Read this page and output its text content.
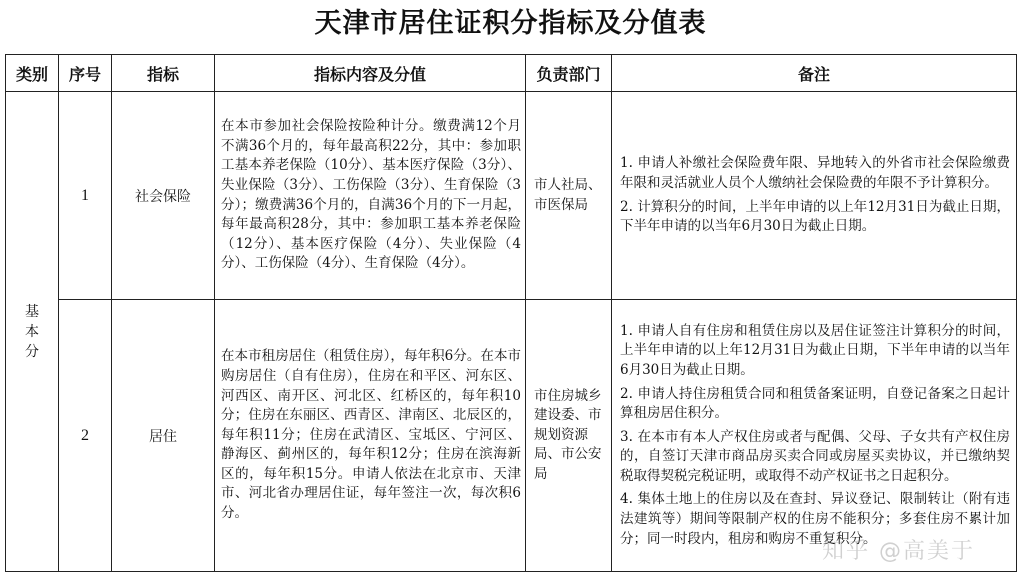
天津市居住证积分指标及分值表
类别	序号	指标	指标内容及分值	负责部门	备注

基本分	1	社会保险	在本市参加社会保险按险种计分。缴费满12个月不满36个月的，每年最高积22分，其中：参加职工基本养老保险（10分）、基本医疗保险（3分）、失业保险（3分）、工伤保险（3分）、生育保险（3分）；缴费满36个月的，自满36个月的下一月起，每年最高积28分，其中：参加职工基本养老保险（12分）、基本医疗保险（4分）、失业保险（4分）、工伤保险（4分）、生育保险（4分）。	市人社局、市医保局	1. 申请人补缴社会保险费年限、异地转入的外省市社会保险缴费年限和灵活就业人员个人缴纳社会保险费的年限不予计算积分。
2. 计算积分的时间，上半年申请的以上年12月31日为截止日期，下半年申请的以当年6月30日为截止日期。

	2	居住	在本市租房居住（租赁住房），每年积6分。在本市购房居住（自有住房），住房在和平区、河东区、河西区、南开区、河北区、红桥区的，每年积10分；住房在东丽区、西青区、津南区、北辰区的，每年积11分；住房在武清区、宝坻区、宁河区、静海区、蓟州区的，每年积12分；住房在滨海新区的，每年积15分。申请人依法在北京市、天津市、河北省办理居住证，每年签注一次，每次积6分。	市住房城乡建设委、市规划资源局、市公安局	1. 申请人自有住房和租赁住房以及居住证签注计算积分的时间，上半年申请的以上年12月31日为截止日期，下半年申请的以当年6月30日为截止日期。
2. 申请人持住房租赁合同和租赁备案证明，自登记备案之日起计算租房居住积分。
3. 在本市有本人产权住房或者与配偶、父母、子女共有产权住房的，自签订天津市商品房买卖合同或房屋买卖协议，并已缴纳契税取得契税完税证明，或取得不动产权证书之日起积分。
4. 集体土地上的住房以及在查封、异议登记、限制转让（附有违法建筑等）期间等限制产权的住房不能积分；多套住房不累计加分；同一时段内，租房和购房不重复积分。
知乎 @高美于
